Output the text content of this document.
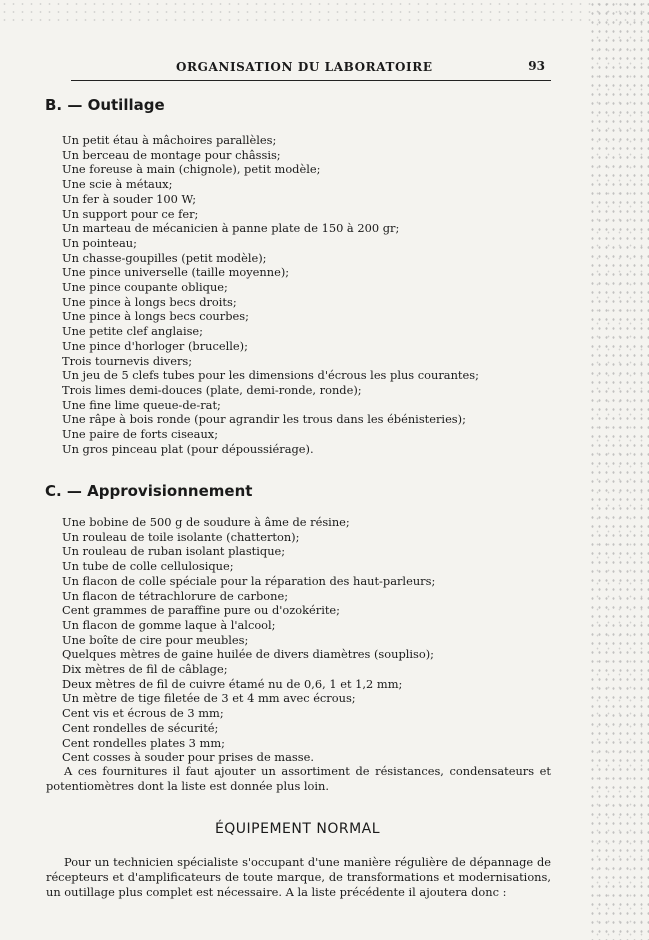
ORGANISATION DU LABORATOIRE	93
B. — Outillage
Un petit étau à mâchoires parallèles;
Un berceau de montage pour châssis;
Une foreuse à main (chignole), petit modèle;
Une scie à métaux;
Un fer à souder 100 W;
Un support pour ce fer;
Un marteau de mécanicien à panne plate de 150 à 200 gr;
Un pointeau;
Un chasse-goupilles (petit modèle);
Une pince universelle (taille moyenne);
Une pince coupante oblique;
Une pince à longs becs droits;
Une pince à longs becs courbes;
Une petite clef anglaise;
Une pince d'horloger (brucelle);
Trois tournevis divers;
Un jeu de 5 clefs tubes pour les dimensions d'écrous les plus courantes;
Trois limes demi-douces (plate, demi-ronde, ronde);
Une fine lime queue-de-rat;
Une râpe à bois ronde (pour agrandir les trous dans les ébénisteries);
Une paire de forts ciseaux;
Un gros pinceau plat (pour dépoussiérage).
C. — Approvisionnement
Une bobine de 500 g de soudure à âme de résine;
Un rouleau de toile isolante (chatterton);
Un rouleau de ruban isolant plastique;
Un tube de colle cellulosique;
Un flacon de colle spéciale pour la réparation des haut-parleurs;
Un flacon de tétrachlorure de carbone;
Cent grammes de paraffine pure ou d'ozokérite;
Un flacon de gomme laque à l'alcool;
Une boîte de cire pour meubles;
Quelques mètres de gaine huilée de divers diamètres (soupliso);
Dix mètres de fil de câblage;
Deux mètres de fil de cuivre étamé nu de 0,6, 1 et 1,2 mm;
Un mètre de tige filetée de 3 et 4 mm avec écrous;
Cent vis et écrous de 3 mm;
Cent rondelles de sécurité;
Cent rondelles plates 3 mm;
Cent cosses à souder pour prises de masse.

A ces fournitures il faut ajouter un assortiment de résistances, condensateurs et potentiomètres dont la liste est donnée plus loin.

ÉQUIPEMENT NORMAL

Pour un technicien spécialiste s'occupant d'une manière régulière de dépannage de récepteurs et d'amplificateurs de toute marque, de transformations et modernisations, un outillage plus complet est nécessaire. A la liste précédente il ajoutera donc :
